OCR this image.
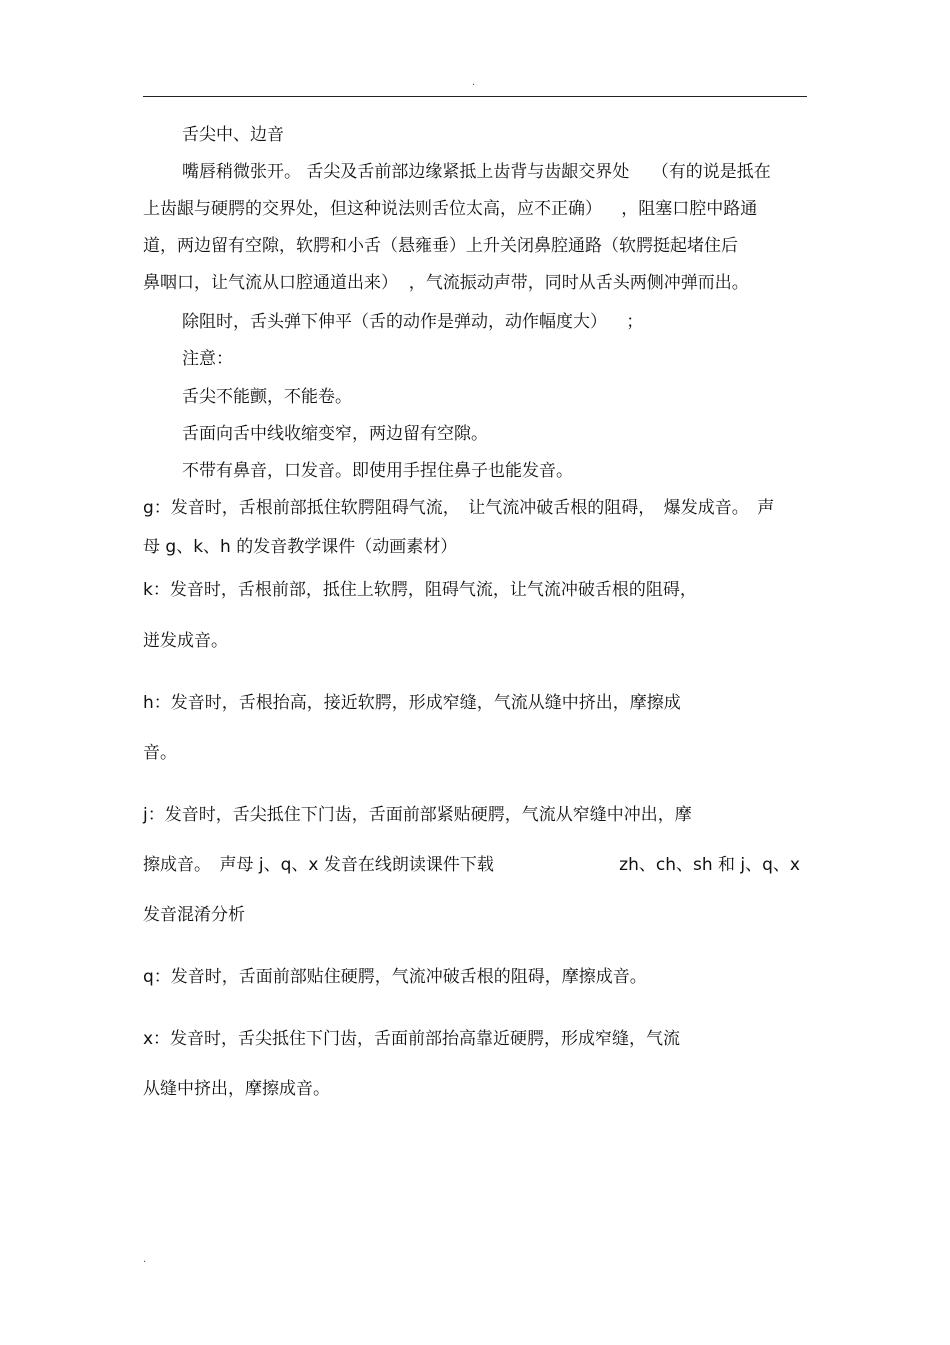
.

舌尖中、边音

嘴唇稍微张开。 舌尖及舌前部边缘紧抵上齿背与齿龈交界处　 （有的说是抵在

上齿龈与硬腭的交界处，但这种说法则舌位太高，应不正确）　  ，阻塞口腔中路通

道，两边留有空隙，软腭和小舌（悬雍垂）上升关闭鼻腔通路（软腭挺起堵住后

鼻咽口，让气流从口腔通道出来）  ，气流振动声带，同时从舌头两侧冲弹而出。

除阻时，舌头弹下伸平（舌的动作是弹动，动作幅度大）　  ；

注意：

舌尖不能颤，不能卷。

舌面向舌中线收缩变窄，两边留有空隙。

不带有鼻音，口发音。即使用手捏住鼻子也能发音。

g：发音时，舌根前部抵住软腭阻碍气流，　让气流冲破舌根的阻碍，　爆发成音。　声

母 g、k、h 的发音教学课件（动画素材）

k：发音时，舌根前部，抵住上软腭，阻碍气流，让气流冲破舌根的阻碍，

迸发成音。

h：发音时，舌根抬高，接近软腭，形成窄缝，气流从缝中挤出，摩擦成

音。

j：发音时，舌尖抵住下门齿，舌面前部紧贴硬腭，气流从窄缝中冲出，摩

擦成音。　声母 j、q、x 发音在线朗读课件下载	zh、ch、sh 和 j、q、x

发音混淆分析

q：发音时，舌面前部贴住硬腭，气流冲破舌根的阻碍，摩擦成音。

x：发音时，舌尖抵住下门齿，舌面前部抬高靠近硬腭，形成窄缝，气流

从缝中挤出，摩擦成音。

.
